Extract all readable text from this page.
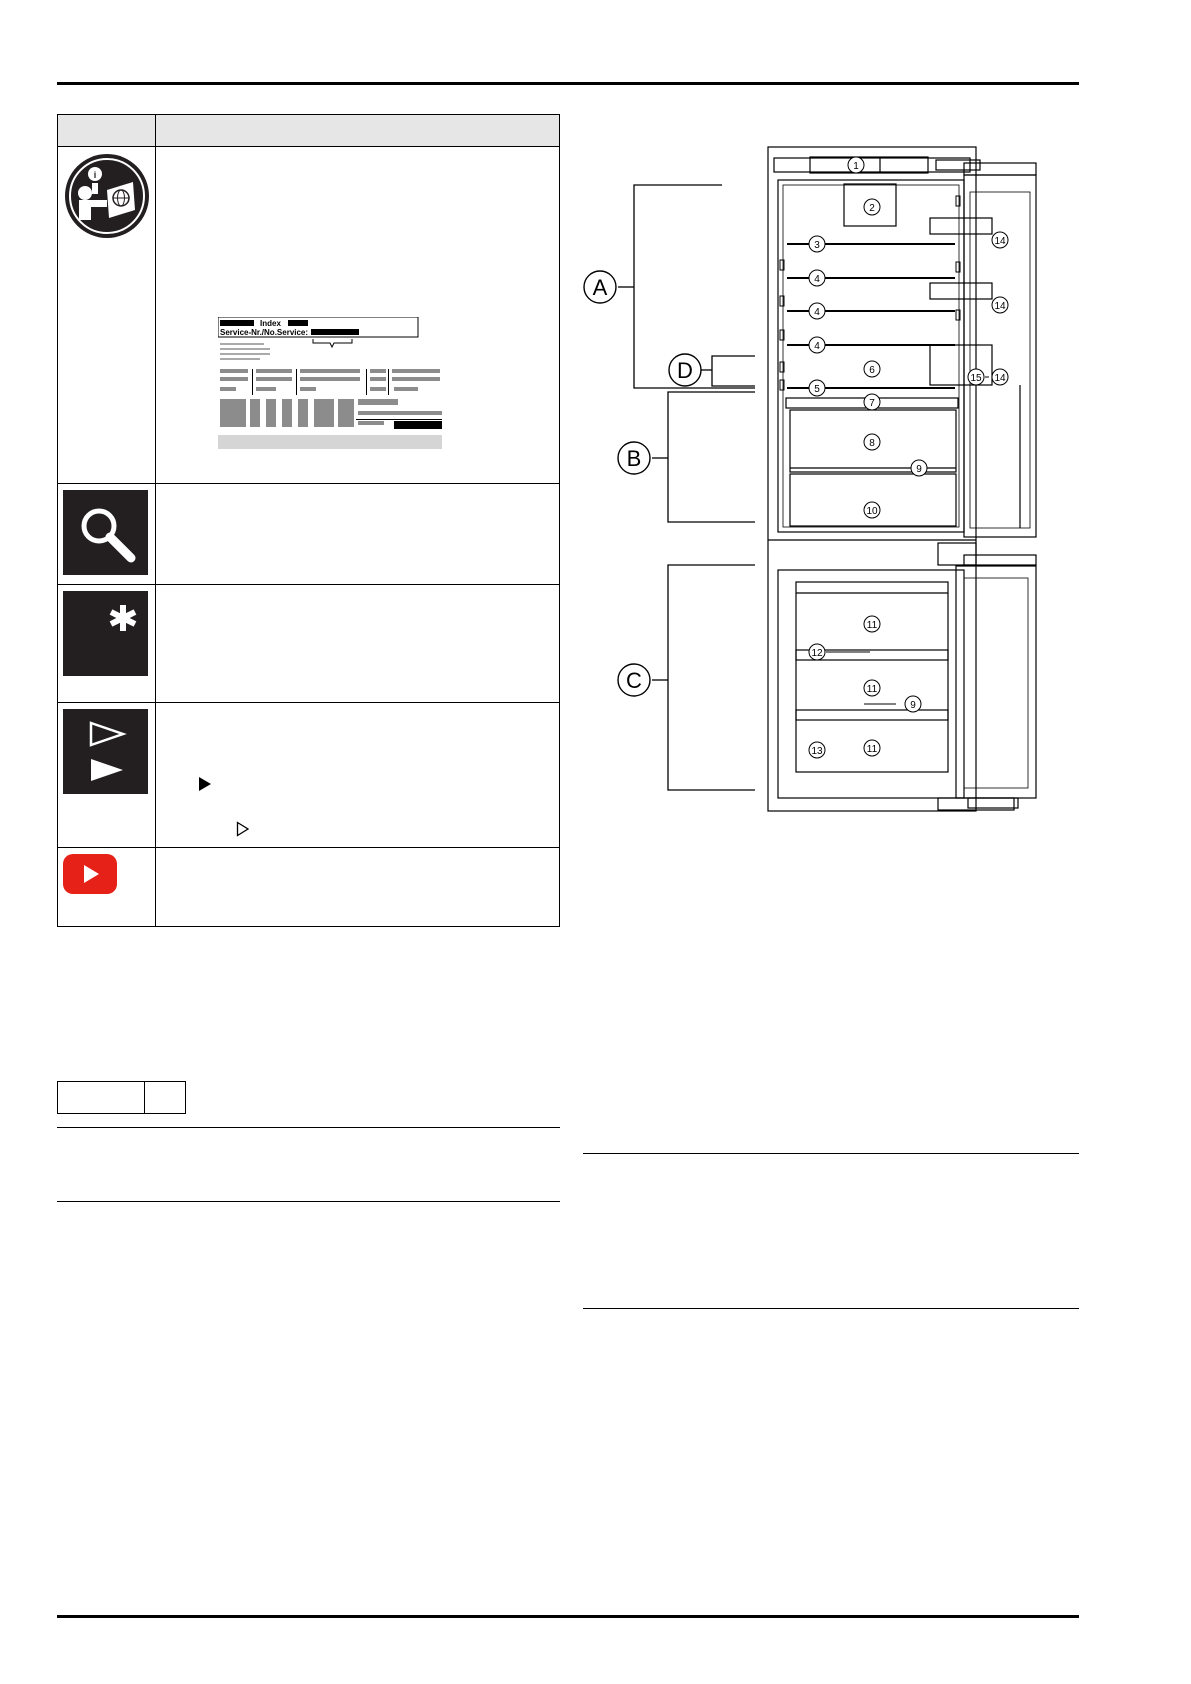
i	Index
Service-Nr./No.Service:

A
B
C
D
1
2
3
4
4
4
5
6
7
8
9
10
11
11
11
12
13
9
14
14
14
15
